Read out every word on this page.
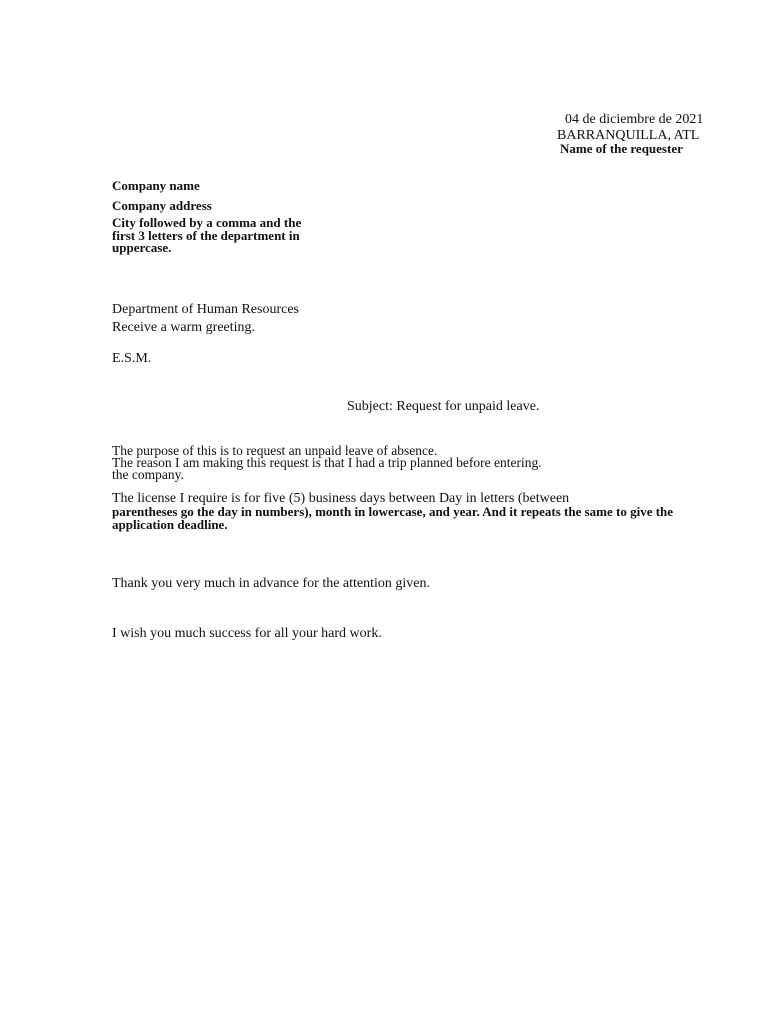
04 de diciembre de 2021
BARRANQUILLA, ATL
Name of the requester
Company name
Company address
City followed by a comma and the
first 3 letters of the department in
uppercase.
Department of Human Resources
Receive a warm greeting.
E.S.M.
Subject: Request for unpaid leave.
The purpose of this is to request an unpaid leave of absence.
The reason I am making this request is that I had a trip planned before entering.
the company.
The license I require is for five (5) business days between Day in letters (between
parentheses go the day in numbers), month in lowercase, and year. And it repeats the same to give the
application deadline.
Thank you very much in advance for the attention given.
I wish you much success for all your hard work.
